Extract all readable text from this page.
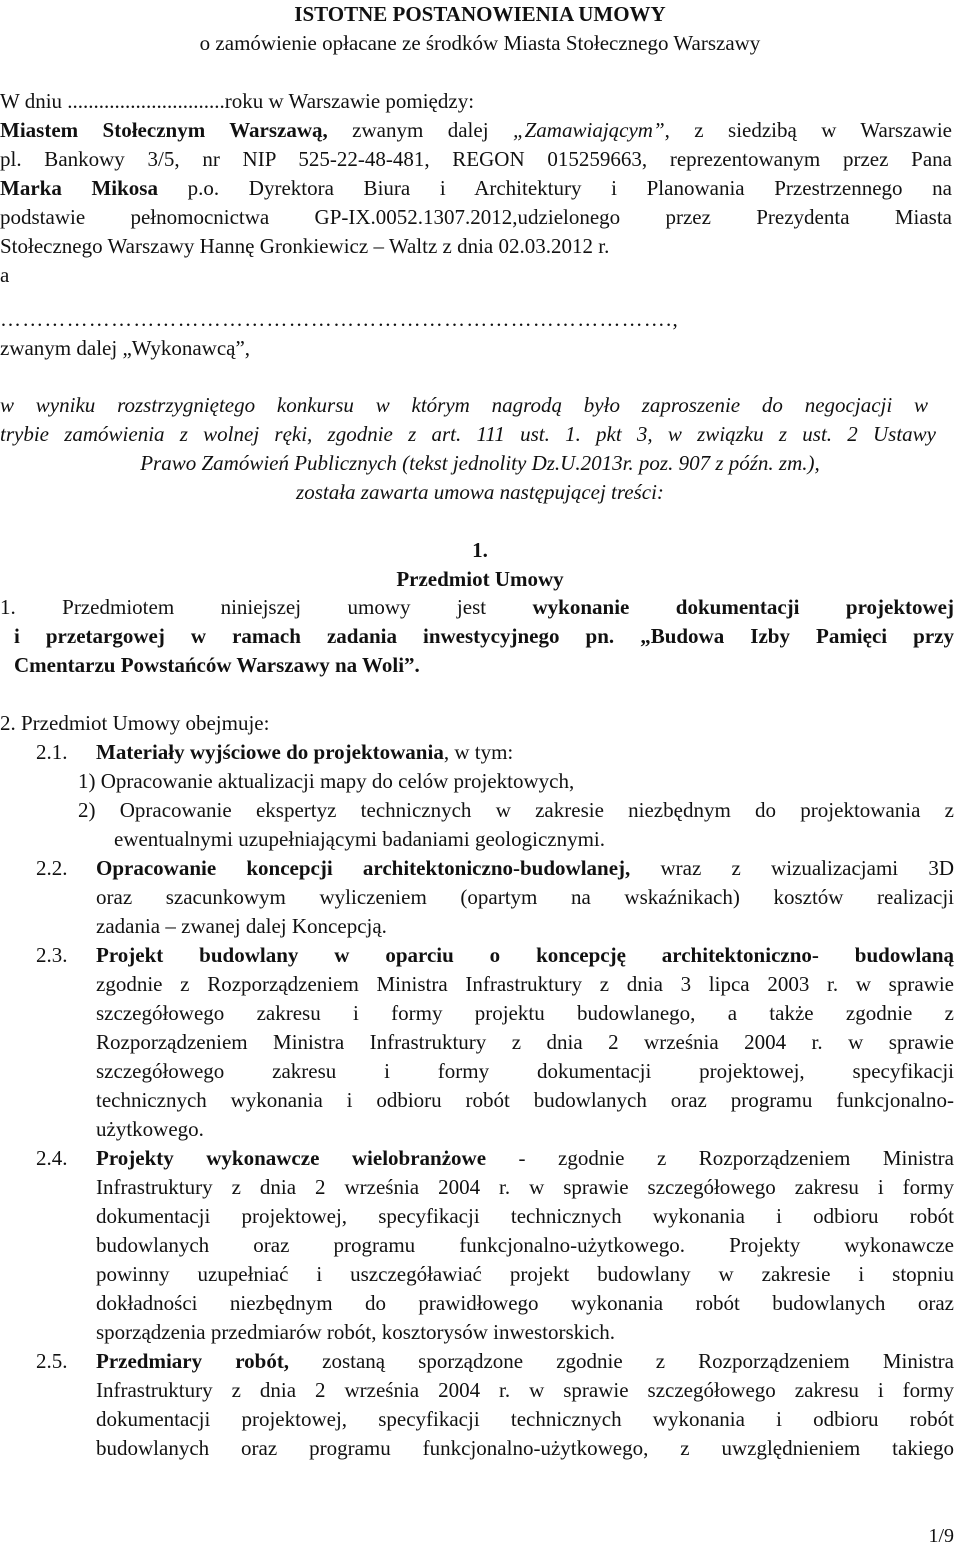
ISTOTNE POSTANOWIENIA UMOWY
o zamówienie opłacane ze środków Miasta Stołecznego Warszawy
W dniu ..............................roku w Warszawie pomiędzy:
Miastem Stołecznym Warszawą, zwanym dalej „Zamawiającym”, z siedzibą w Warszawie
pl. Bankowy 3/5, nr NIP 525-22-48-481, REGON 015259663, reprezentowanym przez Pana
Marka Mikosa p.o. Dyrektora Biura i Architektury i Planowania Przestrzennego na
podstawie pełnomocnictwa GP-IX.0052.1307.2012,udzielonego przez Prezydenta Miasta
Stołecznego Warszawy Hannę Gronkiewicz – Waltz z dnia 02.03.2012 r.
a
……………………………………………………………………………….,
zwanym dalej „Wykonawcą”,
w wyniku rozstrzygniętego konkursu w którym nagrodą było zaproszenie do negocjacji w
trybie zamówienia z wolnej ręki, zgodnie z art. 111 ust. 1. pkt 3, w związku z ust. 2 Ustawy
Prawo Zamówień Publicznych (tekst jednolity Dz.U.2013r. poz. 907 z późn. zm.),
została zawarta umowa następującej treści:
1.
Przedmiot Umowy
1. Przedmiotem niniejszej umowy jest wykonanie dokumentacji projektowej
i przetargowej w ramach zadania inwestycyjnego pn. „Budowa Izby Pamięci przy
Cmentarzu Powstańców Warszawy na Woli”.
2. Przedmiot Umowy obejmuje:
2.1. Materiały wyjściowe do projektowania, w tym:
1) Opracowanie aktualizacji mapy do celów projektowych,
2) Opracowanie ekspertyz technicznych w zakresie niezbędnym do projektowania z
ewentualnymi uzupełniającymi badaniami geologicznymi.
2.2. Opracowanie koncepcji architektoniczno-budowlanej, wraz z wizualizacjami 3D
oraz szacunkowym wyliczeniem (opartym na wskaźnikach) kosztów realizacji
zadania – zwanej dalej Koncepcją.
2.3. Projekt budowlany w oparciu o koncepcję architektoniczno- budowlaną
zgodnie z Rozporządzeniem Ministra Infrastruktury z dnia 3 lipca 2003 r. w sprawie
szczegółowego zakresu i formy projektu budowlanego, a także zgodnie z
Rozporządzeniem Ministra Infrastruktury z dnia 2 września 2004 r. w sprawie
szczegółowego zakresu i formy dokumentacji projektowej, specyfikacji
technicznych wykonania i odbioru robót budowlanych oraz programu funkcjonalno-
użytkowego.
2.4. Projekty wykonawcze wielobranżowe - zgodnie z Rozporządzeniem Ministra
Infrastruktury z dnia 2 września 2004 r. w sprawie szczegółowego zakresu i formy
dokumentacji projektowej, specyfikacji technicznych wykonania i odbioru robót
budowlanych oraz programu funkcjonalno-użytkowego. Projekty wykonawcze
powinny uzupełniać i uszczegóławiać projekt budowlany w zakresie i stopniu
dokładności niezbędnym do prawidłowego wykonania robót budowlanych oraz
sporządzenia przedmiarów robót, kosztorysów inwestorskich.
2.5. Przedmiary robót, zostaną sporządzone zgodnie z Rozporządzeniem Ministra
Infrastruktury z dnia 2 września 2004 r. w sprawie szczegółowego zakresu i formy
dokumentacji projektowej, specyfikacji technicznych wykonania i odbioru robót
budowlanych oraz programu funkcjonalno-użytkowego, z uwzględnieniem takiego
1/9
